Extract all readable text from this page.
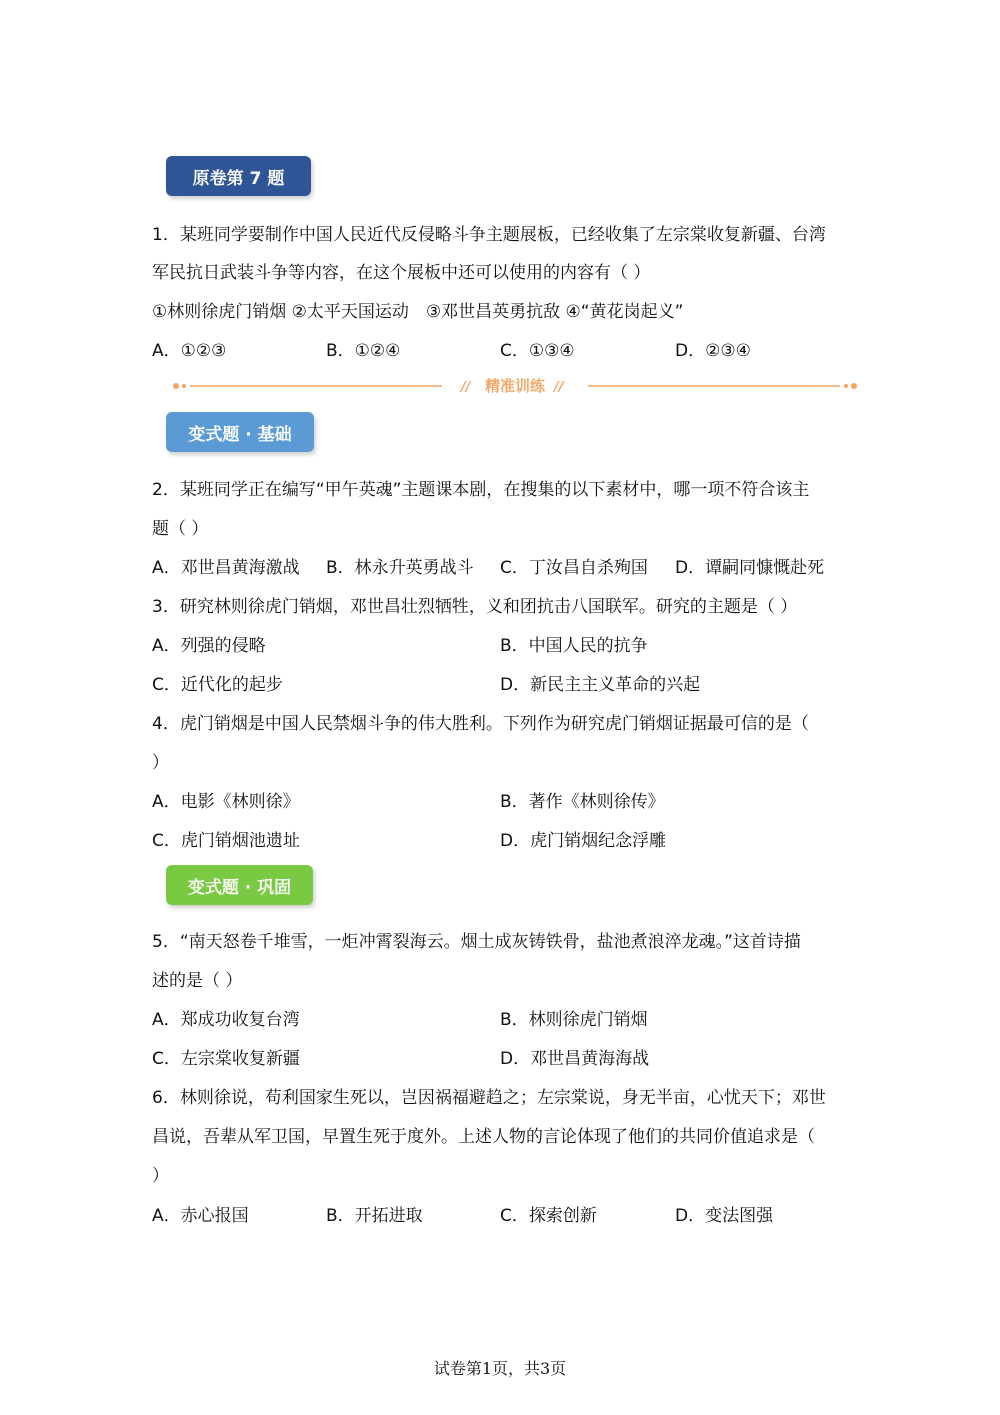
原卷第 7 题
1．某班同学要制作中国人民近代反侵略斗争主题展板，已经收集了左宗棠收复新疆、台湾
军民抗日武装斗争等内容，在这个展板中还可以使用的内容有（ ）
①林则徐虎门销烟 ②太平天国运动　③邓世昌英勇抗敌 ④“黄花岗起义”
A．①②③	B．①②④	C．①③④	D．②③④
// 精准训练 //
变式题 · 基础
2．某班同学正在编写“甲午英魂”主题课本剧，在搜集的以下素材中，哪一项不符合该主
题（ ）
A．邓世昌黄海激战 B．林永升英勇战斗 C．丁汝昌自杀殉国 D．谭嗣同慷慨赴死
3．研究林则徐虎门销烟，邓世昌壮烈牺牲，义和团抗击八国联军。研究的主题是（ ）
A．列强的侵略	B．中国人民的抗争
C．近代化的起步	D．新民主主义革命的兴起
4．虎门销烟是中国人民禁烟斗争的伟大胜利。下列作为研究虎门销烟证据最可信的是（
）
A．电影《林则徐》	B．著作《林则徐传》
C．虎门销烟池遗址	D．虎门销烟纪念浮雕
变式题 · 巩固
5．“南天怒卷千堆雪，一炬冲霄裂海云。烟土成灰铸铁骨，盐池煮浪淬龙魂。”这首诗描
述的是（ ）
A．郑成功收复台湾	B．林则徐虎门销烟
C．左宗棠收复新疆	D．邓世昌黄海海战
6．林则徐说，苟利国家生死以，岂因祸福避趋之；左宗棠说，身无半亩，心忧天下；邓世
昌说，吾辈从军卫国，早置生死于度外。上述人物的言论体现了他们的共同价值追求是（
）
A．赤心报国	B．开拓进取	C．探索创新	D．变法图强
试卷第1页，共3页
